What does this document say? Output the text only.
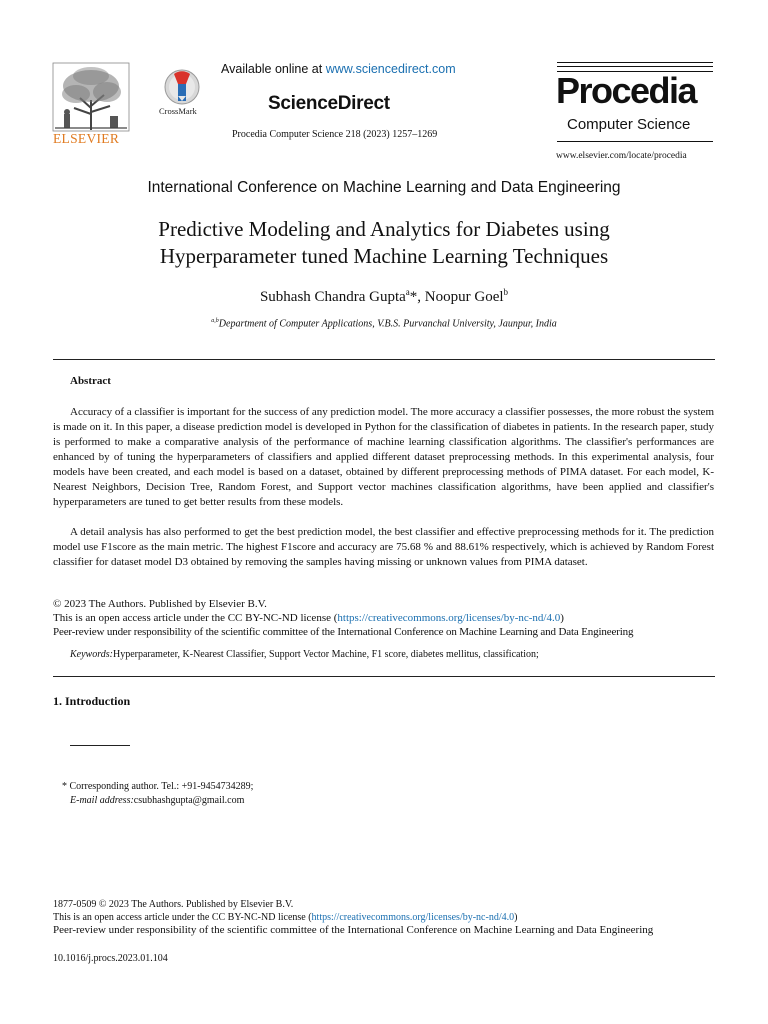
ELSEVIER
CrossMark
Available online at www.sciencedirect.com
ScienceDirect
Procedia Computer Science 218 (2023) 1257–1269
Procedia
Computer Science
www.elsevier.com/locate/procedia
International Conference on Machine Learning and Data Engineering
Predictive Modeling and Analytics for Diabetes using
Hyperparameter tuned Machine Learning Techniques
Subhash Chandra Gupta$^a$*, Noopur Goel$^b$
$^{a,b}$Department of Computer Applications, V.B.S. Purvanchal University, Jaunpur, India
Abstract
Accuracy of a classifier is important for the success of any prediction model. The more accuracy a classifier possesses, the more robust the system is made on it. In this paper, a disease prediction model is developed in Python for the classification of diabetes in patients. In the research paper, study is performed to make a comparative analysis of the performance of machine learning classification algorithms. The classifier's performances are enhanced by of tuning the hyperparameters of classifiers and applied different dataset preprocessing methods. In this experimental analysis, four models have been created, and each model is based on a dataset, obtained by different preprocessing methods of PIMA dataset. For each model, K-Nearest Neighbors, Decision Tree, Random Forest, and Support vector machines classification algorithms, have been applied and classifier's hyperparameters are tuned to get better results from these models.
A detail analysis has also performed to get the best prediction model, the best classifier and effective preprocessing methods for it. The prediction model use F1score as the main metric. The highest F1score and accuracy are 75.68 % and 88.61% respectively, which is achieved by Random Forest classifier for dataset model D3 obtained by removing the samples having missing or unknown values from PIMA dataset.
© 2023 The Authors. Published by Elsevier B.V.
This is an open access article under the CC BY-NC-ND license (https://creativecommons.org/licenses/by-nc-nd/4.0)
Peer-review under responsibility of the scientific committee of the International Conference on Machine Learning and Data Engineering
Keywords:Hyperparameter, K-Nearest Classifier, Support Vector Machine, F1 score, diabetes mellitus, classification;
1. Introduction
* Corresponding author. Tel.: +91-9454734289;
E-mail address:csubhashgupta@gmail.com
1877-0509 © 2023 The Authors. Published by Elsevier B.V.
This is an open access article under the CC BY-NC-ND license (https://creativecommons.org/licenses/by-nc-nd/4.0)
Peer-review under responsibility of the scientific committee of the International Conference on Machine Learning and Data Engineering
10.1016/j.procs.2023.01.104
